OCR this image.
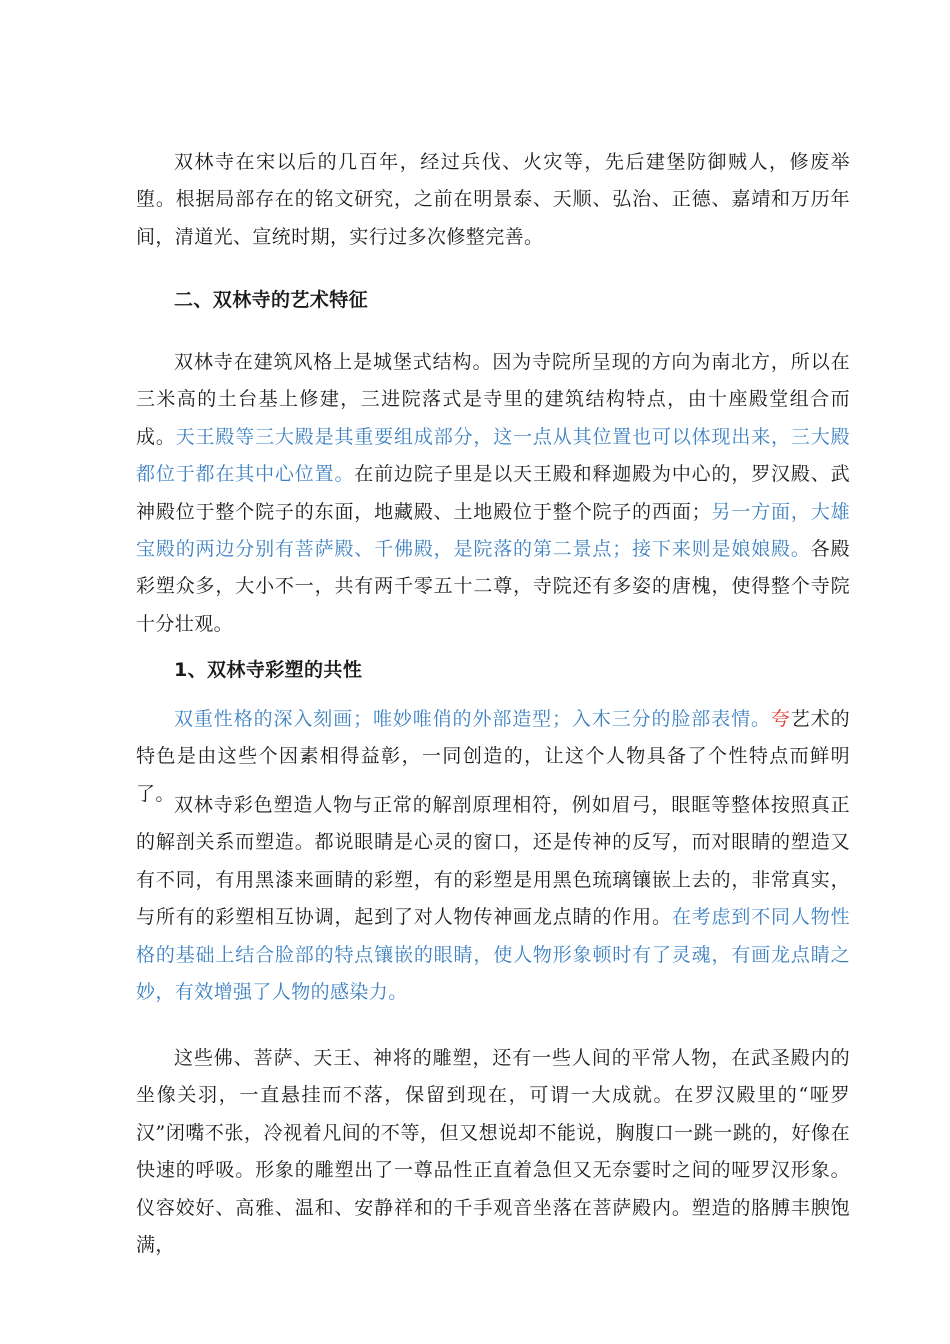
双林寺在宋以后的几百年，经过兵伐、火灾等，先后建堡防御贼人，修废举堕。根据局部存在的铭文研究，之前在明景泰、天顺、弘治、正德、嘉靖和万历年间，清道光、宣统时期，实行过多次修整完善。

二、双林寺的艺术特征

双林寺在建筑风格上是城堡式结构。因为寺院所呈现的方向为南北方，所以在三米高的土台基上修建，三进院落式是寺里的建筑结构特点，由十座殿堂组合而成。天王殿等三大殿是其重要组成部分，这一点从其位置也可以体现出来，三大殿都位于都在其中心位置。在前边院子里是以天王殿和释迦殿为中心的，罗汉殿、武神殿位于整个院子的东面，地藏殿、土地殿位于整个院子的西面；另一方面，大雄宝殿的两边分别有菩萨殿、千佛殿，是院落的第二景点；接下来则是娘娘殿。各殿彩塑众多，大小不一，共有两千零五十二尊，寺院还有多姿的唐槐，使得整个寺院十分壮观。

1、双林寺彩塑的共性

双重性格的深入刻画；唯妙唯俏的外部造型；入木三分的脸部表情。夸艺术的特色是由这些个因素相得益彰，一同创造的，让这个人物具备了个性特点而鲜明了。

双林寺彩色塑造人物与正常的解剖原理相符，例如眉弓，眼眶等整体按照真正的解剖关系而塑造。都说眼睛是心灵的窗口，还是传神的反写，而对眼睛的塑造又有不同，有用黑漆来画睛的彩塑，有的彩塑是用黑色琉璃镶嵌上去的，非常真实，与所有的彩塑相互协调，起到了对人物传神画龙点睛的作用。在考虑到不同人物性格的基础上结合脸部的特点镶嵌的眼睛，使人物形象顿时有了灵魂，有画龙点睛之妙，有效增强了人物的感染力。

这些佛、菩萨、天王、神将的雕塑，还有一些人间的平常人物，在武圣殿内的坐像关羽，一直悬挂而不落，保留到现在，可谓一大成就。在罗汉殿里的“哑罗汉”闭嘴不张，冷视着凡间的不等，但又想说却不能说，胸腹口一跳一跳的，好像在快速的呼吸。形象的雕塑出了一尊品性正直着急但又无奈霎时之间的哑罗汉形象。仪容姣好、高雅、温和、安静祥和的千手观音坐落在菩萨殿内。塑造的胳膊丰腴饱满，
